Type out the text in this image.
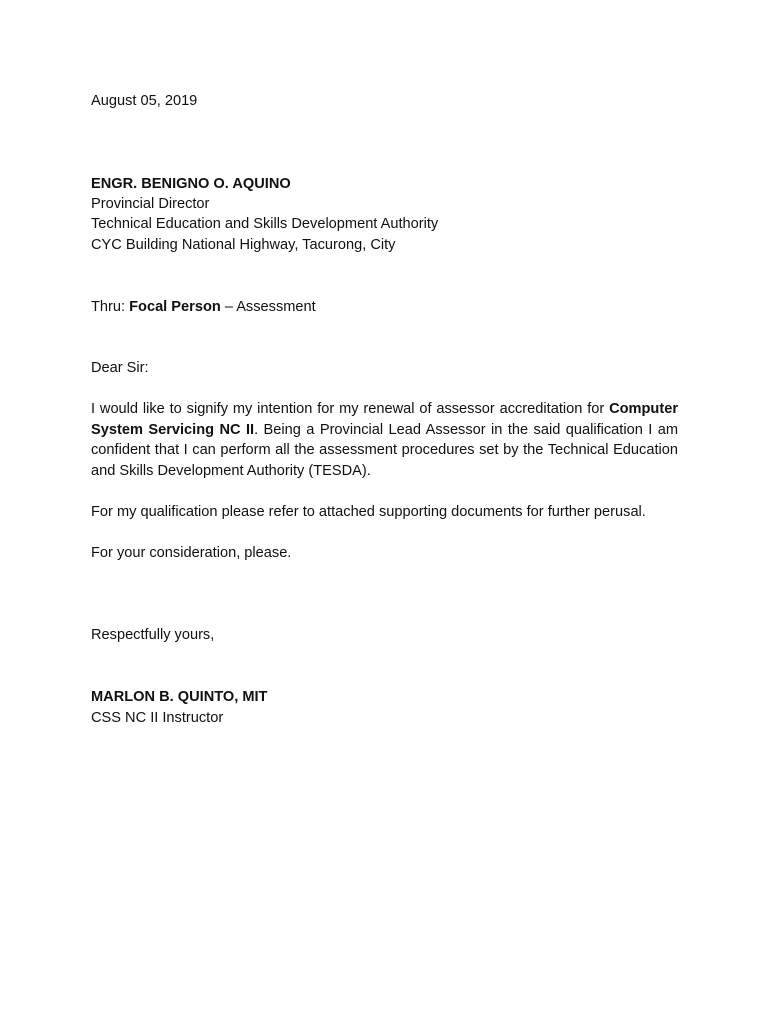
August 05, 2019
ENGR. BENIGNO O. AQUINO
Provincial Director
Technical Education and Skills Development Authority
CYC Building National Highway, Tacurong, City
Thru: Focal Person – Assessment
Dear Sir:
I would like to signify my intention for my renewal of assessor accreditation for Computer System Servicing NC II. Being a Provincial Lead Assessor in the said qualification I am confident that I can perform all the assessment procedures set by the Technical Education and Skills Development Authority (TESDA).
For my qualification please refer to attached supporting documents for further perusal.
For your consideration, please.
Respectfully yours,
MARLON B. QUINTO, MIT
CSS NC II Instructor
